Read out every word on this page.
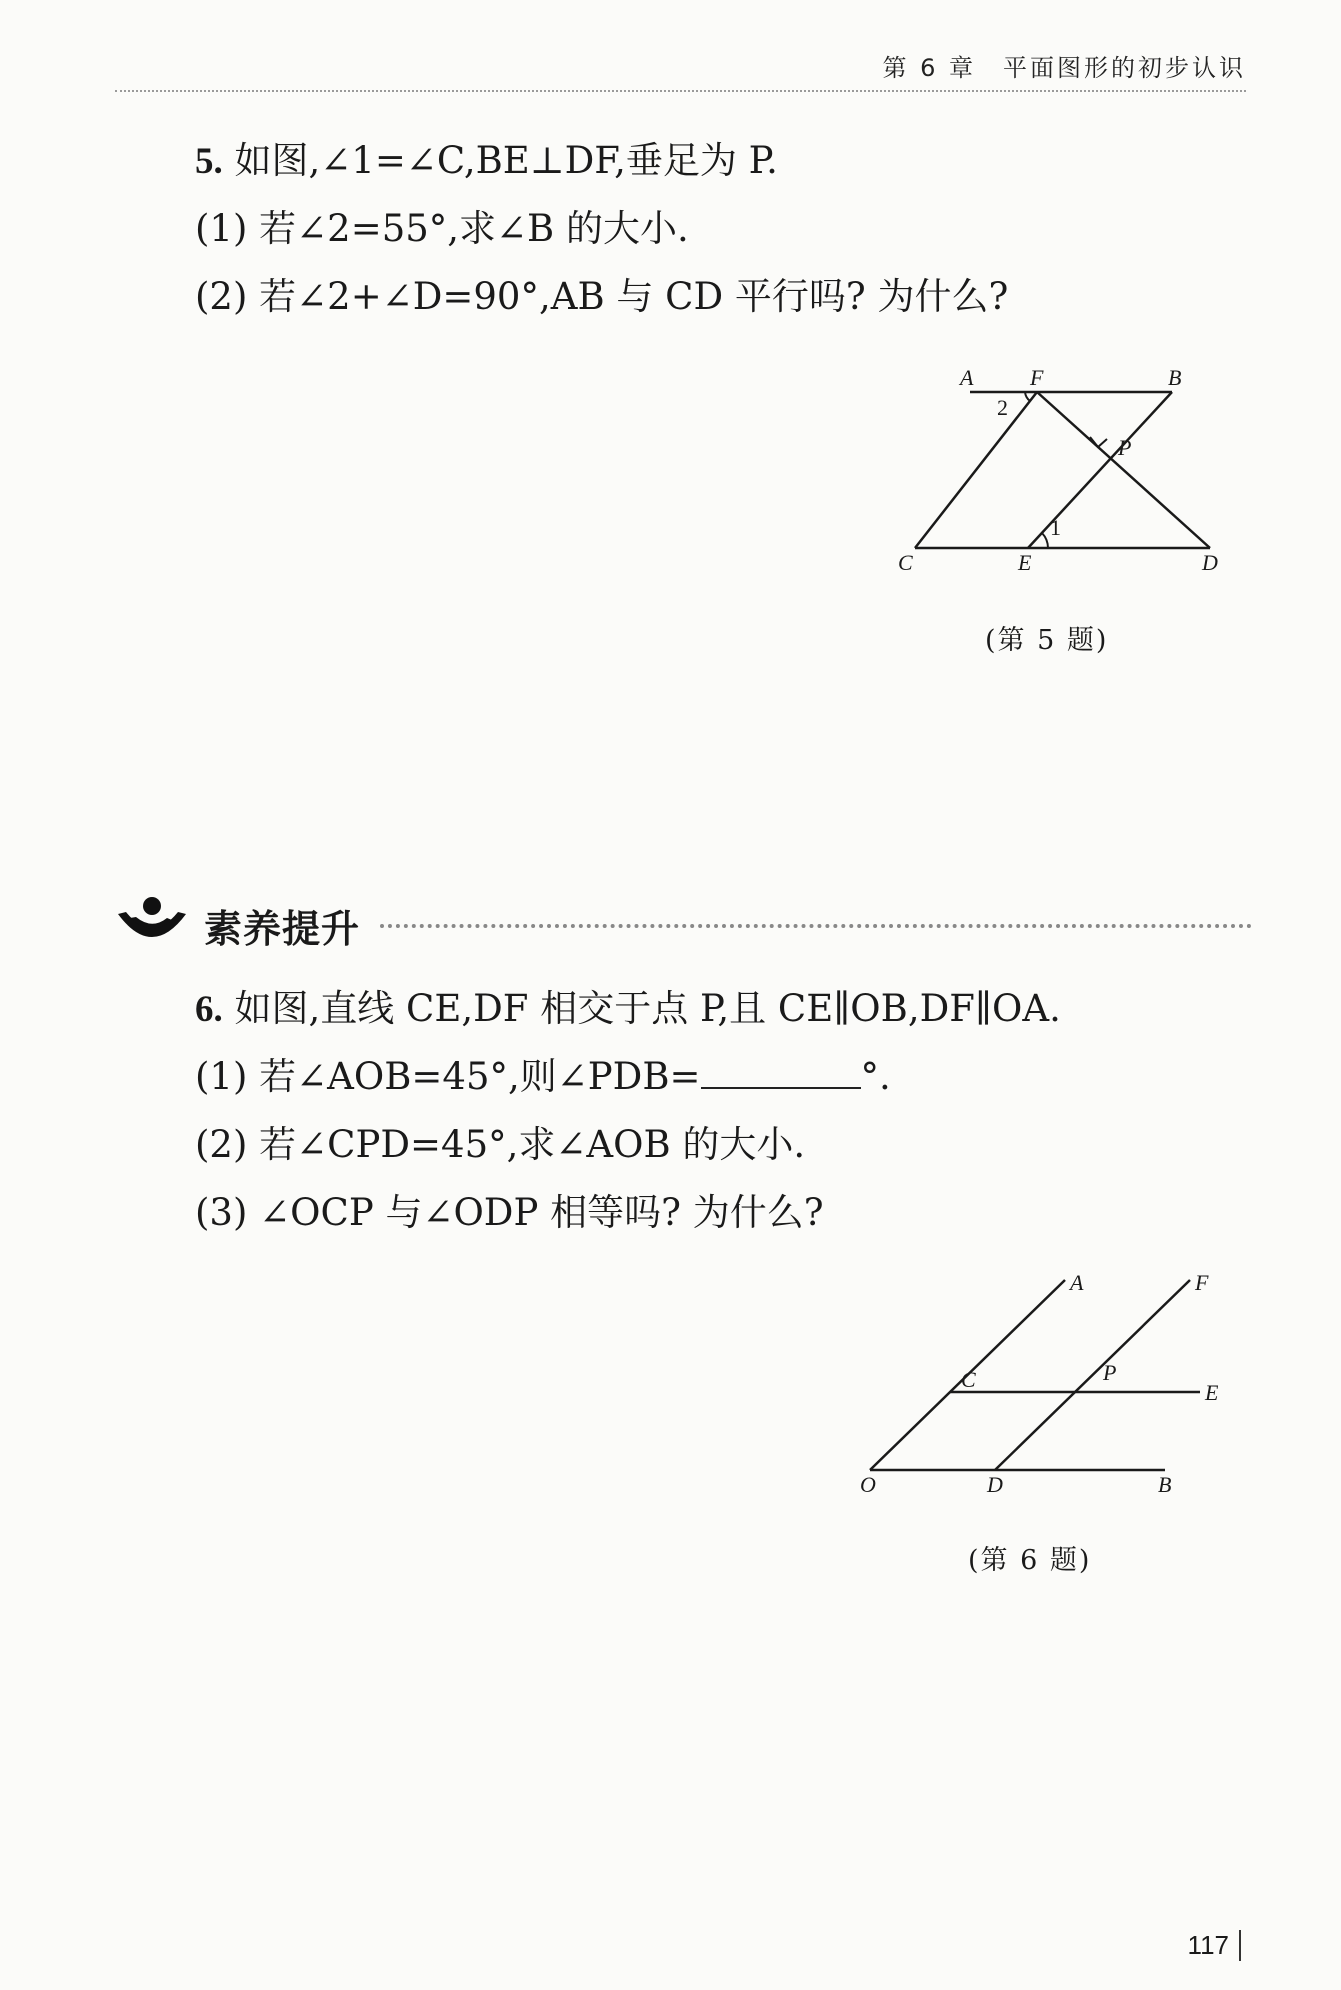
第 6 章　平面图形的初步认识
5. 如图,∠1=∠C,BE⊥DF,垂足为 P.
(1) 若∠2=55°,求∠B 的大小.
(2) 若∠2+∠D=90°,AB 与 CD 平行吗? 为什么?
A	F	B
P
C	E	D
1
2
(第 5 题)
素养提升
6. 如图,直线 CE,DF 相交于点 P,且 CE∥OB,DF∥OA.
(1) 若∠AOB=45°,则∠PDB=	°.
(2) 若∠CPD=45°,求∠AOB 的大小.
(3) ∠OCP 与∠ODP 相等吗? 为什么?
A	F
C	P
E
O	D	B
(第 6 题)
117
